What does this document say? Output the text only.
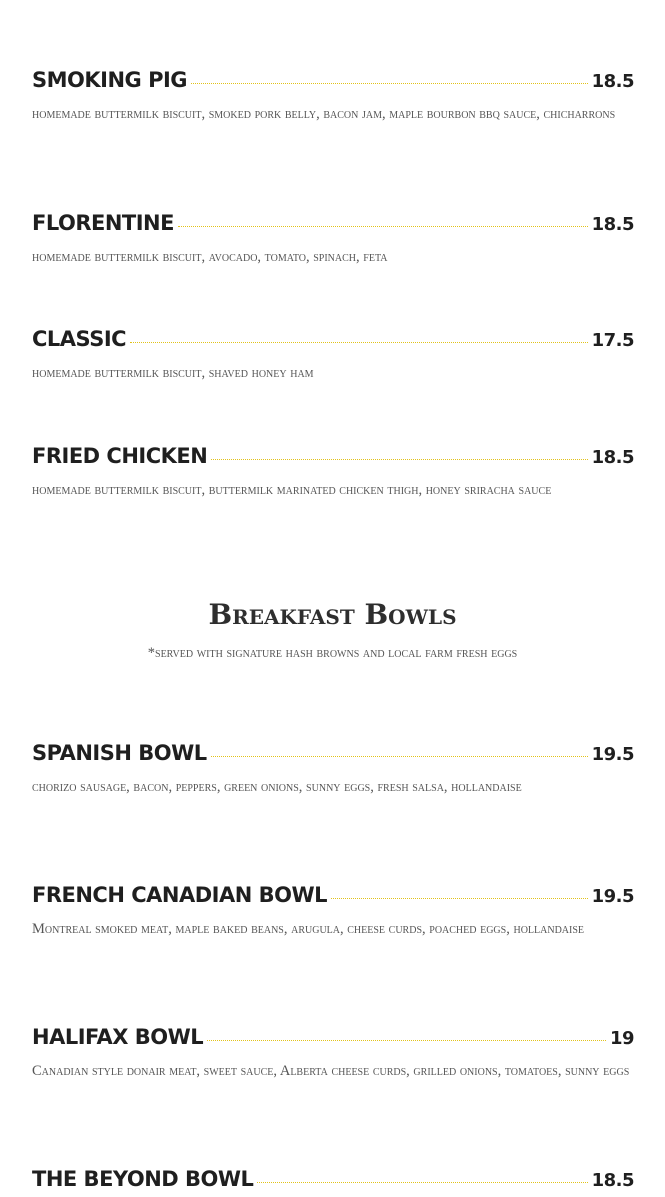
SMOKING PIG	18.5
homemade buttermilk biscuit, smoked pork belly, bacon jam, maple bourbon bbq sauce, chicharrons
FLORENTINE	18.5
homemade buttermilk biscuit, avocado, tomato, spinach, feta
CLASSIC	17.5
homemade buttermilk biscuit, shaved honey ham
FRIED CHICKEN	18.5
homemade buttermilk biscuit, buttermilk marinated chicken thigh, honey sriracha sauce
SPANISH BOWL	19.5
chorizo sausage, bacon, peppers, green onions, sunny eggs, fresh salsa, hollandaise
FRENCH CANADIAN BOWL	19.5
Montreal smoked meat, maple baked beans, arugula, cheese curds, poached eggs, hollandaise
HALIFAX BOWL	19
Canadian style donair meat, sweet sauce, Alberta cheese curds, grilled onions, tomatoes, sunny eggs
THE BEYOND BOWL	18.5
Breakfast Bowls
*served with signature hash browns and local farm fresh eggs
